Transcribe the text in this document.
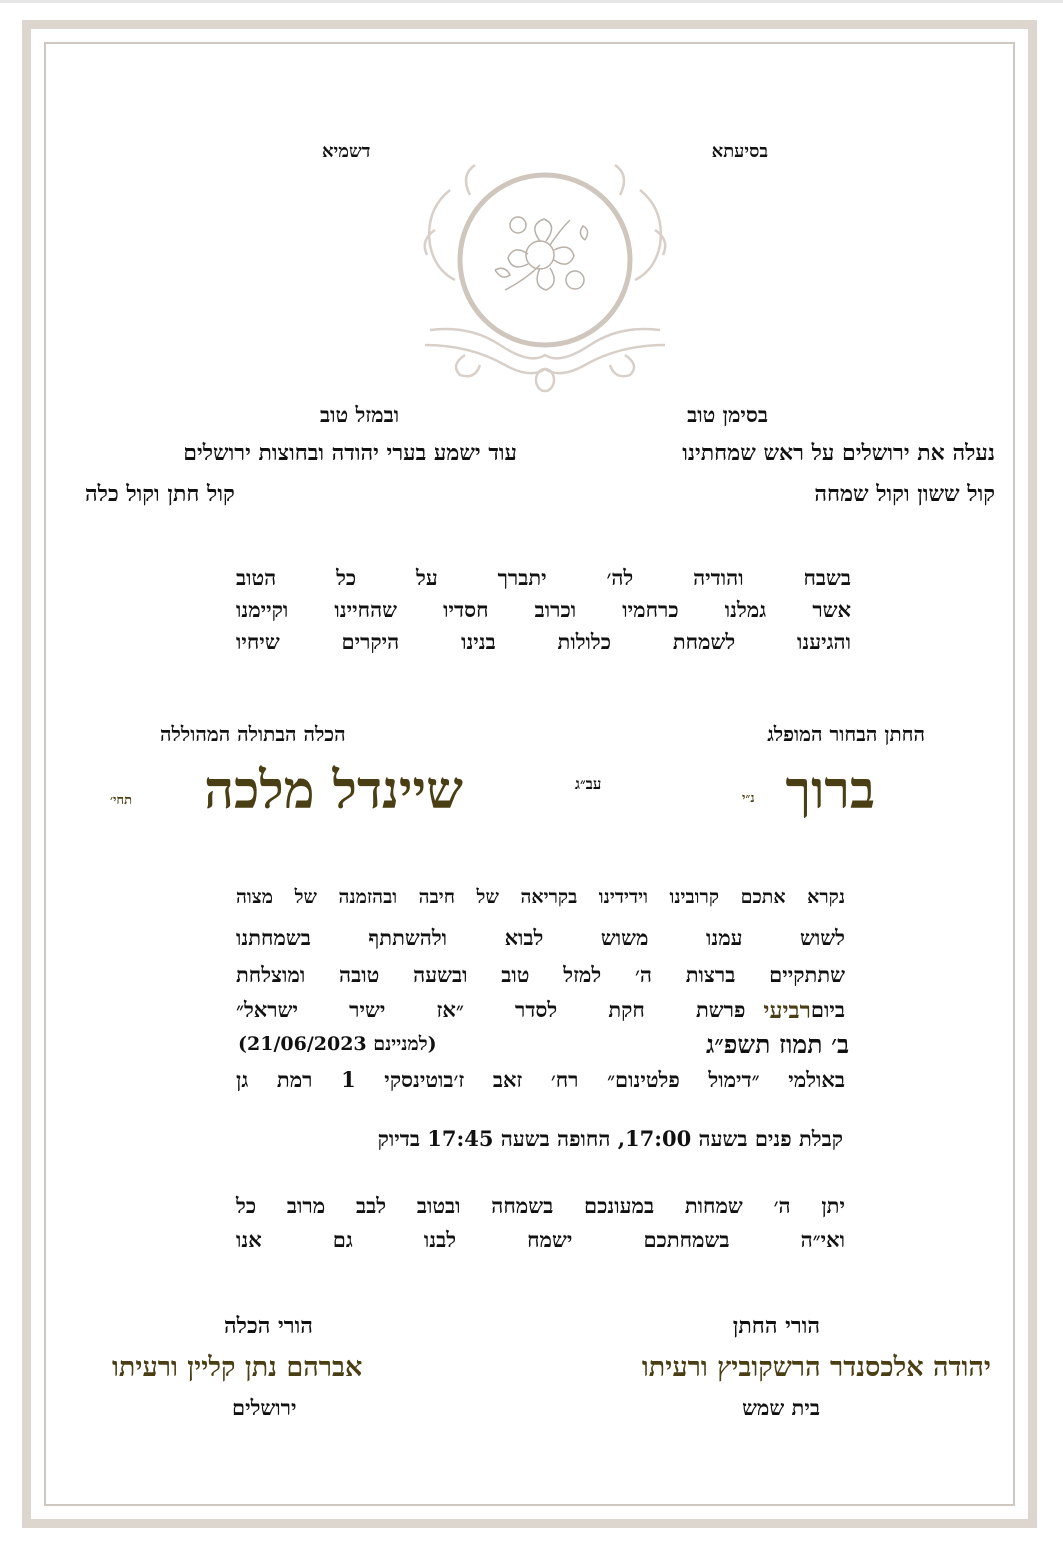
בסיעתא
דשמיא
בסימן טוב
ובמזל טוב
נעלה את ירושלים על ראש שמחתינו
קול ששון וקול שמחה
עוד ישמע בערי יהודה ובחוצות ירושלים
קול חתן וקול כלה
בשבח והודיה לה׳ יתברך על כל הטוב
אשר גמלנו כרחמיו וכרוב חסדיו שהחיינו וקיימנו
והגיענו לשמחת כלולות בנינו היקרים שיחיו
החתן הבחור המופלג
הכלה הבתולה המהוללה
ברוך
נ״י
עב״ג
שיינדל מלכה
תחי׳
נקרא אתכם קרובינו וידידינו בקריאה של חיבה ובהזמנה של מצוה
לשוש עמנו משוש לבוא ולהשתתף בשמחתנו
שתתקיים ברצות ה׳ למזל טוב ובשעה טובה ומוצלחת
ביום
רביעי
פרשת חקת לסדר ״אז ישיר ישראל״
ב׳ תמוז תשפ״ג
(למניינם 21/06/2023)
באולמי ״דימול פלטינום״ רח׳ זאב ז׳בוטינסקי 1 רמת גן
קבלת פנים בשעה 17:00, החופה בשעה 17:45 בדיוק
יתן ה׳ שמחות במעונכם בשמחה ובטוב לבב מרוב כל
ואי״ה בשמחתכם ישמח לבנו גם אנו
הורי החתן
הורי הכלה
יהודה אלכסנדר הרשקוביץ ורעיתו
אברהם נתן קליין ורעיתו
בית שמש
ירושלים
